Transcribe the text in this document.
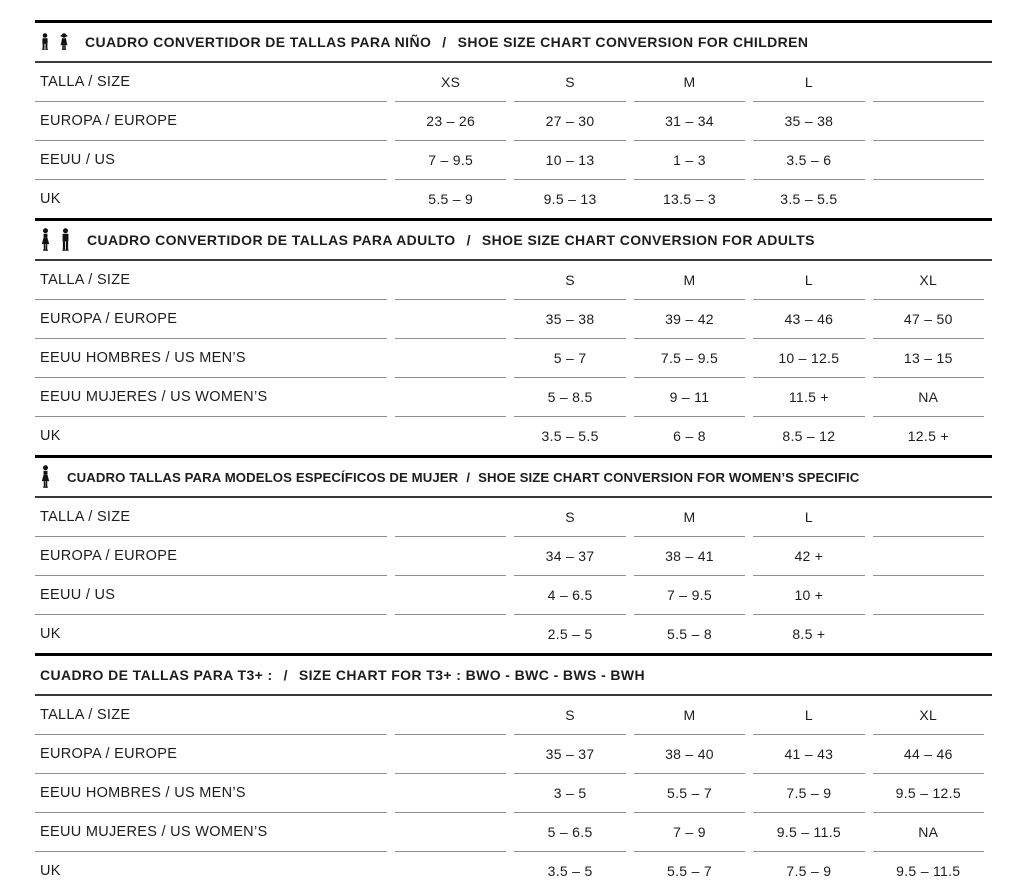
CUADRO CONVERTIDOR DE TALLAS PARA NIÑO / SHOE SIZE CHART CONVERSION FOR CHILDREN
TALLA / SIZE	XS	S	M	L	
EUROPA / EUROPE	23 – 26	27 – 30	31 – 34	35 – 38	
EEUU / US	7 – 9.5	10 – 13	1 – 3	3.5 – 6	
UK	5.5 – 9	9.5 – 13	13.5 – 3	3.5 – 5.5	
CUADRO CONVERTIDOR DE TALLAS PARA ADULTO / SHOE SIZE CHART CONVERSION FOR ADULTS
TALLA / SIZE		S	M	L	XL
EUROPA / EUROPE		35 – 38	39 – 42	43 – 46	47 – 50
EEUU HOMBRES / US MEN’S		5 – 7	7.5 – 9.5	10 – 12.5	13 – 15
EEUU MUJERES / US WOMEN’S		5 – 8.5	9 – 11	11.5 +	NA
UK		3.5 – 5.5	6 – 8	8.5 – 12	12.5 +
CUADRO TALLAS PARA MODELOS ESPECÍFICOS DE MUJER / SHOE SIZE CHART CONVERSION FOR WOMEN’S SPECIFIC
TALLA / SIZE		S	M	L	
EUROPA / EUROPE		34 – 37	38 – 41	42 +	
EEUU / US		4 – 6.5	7 – 9.5	10 +	
UK		2.5 – 5	5.5 – 8	8.5 +	
CUADRO DE TALLAS PARA T3+ : / SIZE CHART FOR T3+ : BWO - BWC - BWS - BWH
TALLA / SIZE		S	M	L	XL
EUROPA / EUROPE		35 – 37	38 – 40	41 – 43	44 – 46
EEUU HOMBRES / US MEN’S		3 – 5	5.5 – 7	7.5 – 9	9.5 – 12.5
EEUU MUJERES / US WOMEN’S		5 – 6.5	7 – 9	9.5 – 11.5	NA
UK		3.5 – 5	5.5 – 7	7.5 – 9	9.5 – 11.5
